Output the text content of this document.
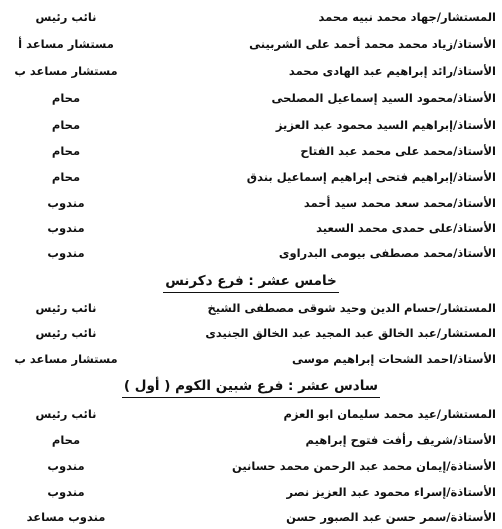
المستشار/جهاد محمد نبيه محمد
نائب رئيس
الأستاذ/زياد محمد محمد أحمد على الشربينى
مستشار مساعد أ
الأستاذ/رائد إبراهيم عبد الهادى محمد
مستشار مساعد ب
الأستاذ/محمود السيد إسماعيل المصلحى
محام
الأستاذ/إبراهيم السيد محمود عبد العزيز
محام
الأستاذ/محمد على محمد عبد الفتاح
محام
الأستاذ/إبراهيم فتحى إبراهيم إسماعيل بندق
محام
الأستاذ/محمد سعد محمد سيد أحمد
مندوب
الأستاذ/على حمدى محمد السعيد
مندوب
الأستاذ/محمد مصطفى بيومى البدراوى
مندوب
خامس عشر : فرع دكرنس
المستشار/حسام الدين وحيد شوقى مصطفى الشيخ
نائب رئيس
المستشار/عبد الخالق عبد المجيد عبد الخالق الجنيدى
نائب رئيس
الأستاذ/احمد الشحات إبراهيم موسى
مستشار مساعد ب
سادس عشر : فرع شبين الكوم ( أول )
المستشار/عيد محمد سليمان ابو العزم
نائب رئيس
الأستاذ/شريف رأفت فتوح إبراهيم
محام
الأستاذة/إيمان محمد عبد الرحمن محمد حسانين
مندوب
الأستاذة/إسراء محمود عبد العزيز نصر
مندوب
الأستاذة/سمر حسن عبد الصبور حسن
مندوب مساعد
